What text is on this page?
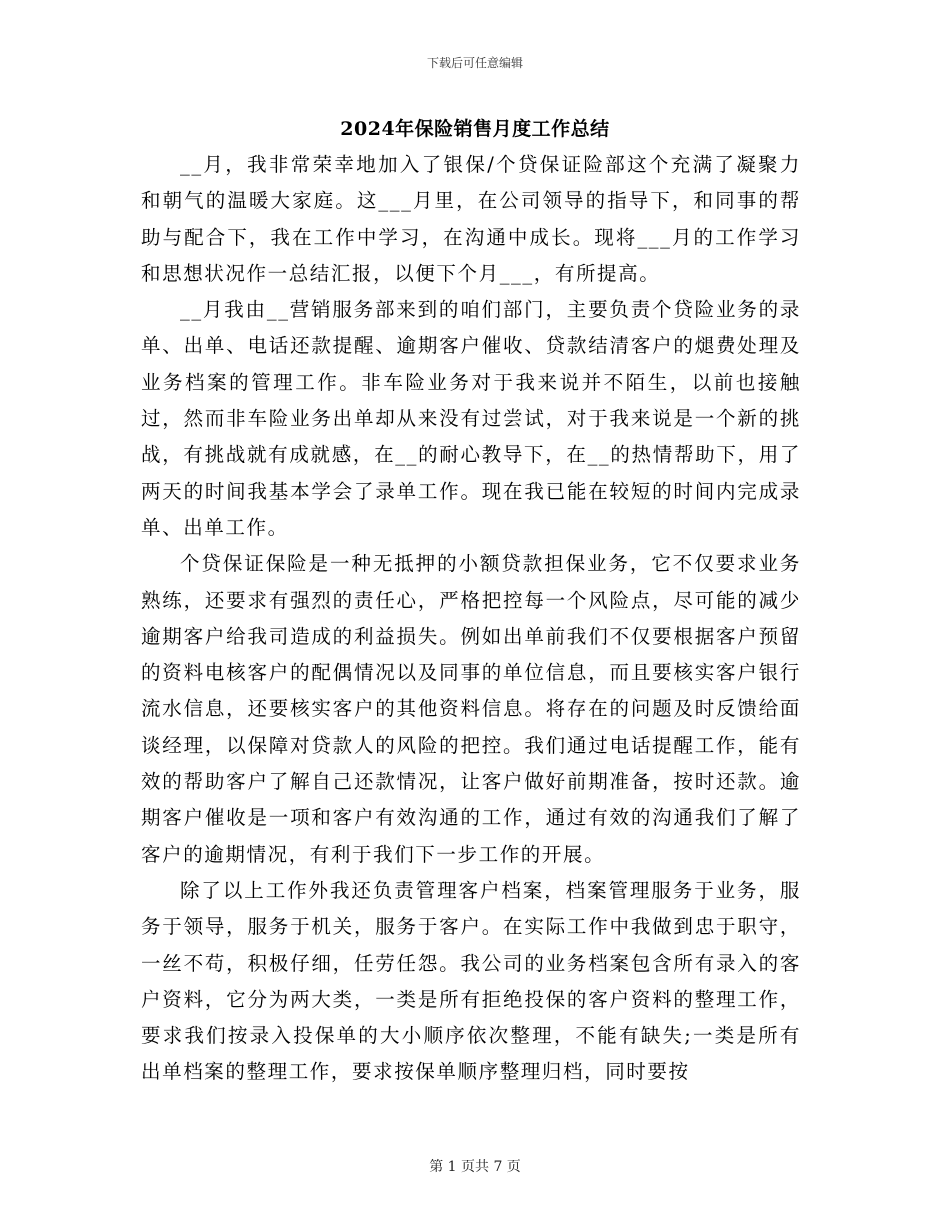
下载后可任意编辑
2024年保险销售月度工作总结

__月，我非常荣幸地加入了银保/个贷保证险部这个充满了凝聚力和朝气的温暖大家庭。这___月里，在公司领导的指导下，和同事的帮助与配合下，我在工作中学习，在沟通中成长。现将___月的工作学习和思想状况作一总结汇报，以便下个月___，有所提高。

__月我由__营销服务部来到的咱们部门，主要负责个贷险业务的录单、出单、电话还款提醒、逾期客户催收、贷款结清客户的煺费处理及业务档案的管理工作。非车险业务对于我来说并不陌生，以前也接触过，然而非车险业务出单却从来没有过尝试，对于我来说是一个新的挑战，有挑战就有成就感，在__的耐心教导下，在__的热情帮助下，用了两天的时间我基本学会了录单工作。现在我已能在较短的时间内完成录单、出单工作。

个贷保证保险是一种无抵押的小额贷款担保业务，它不仅要求业务熟练，还要求有强烈的责任心，严格把控每一个风险点，尽可能的减少逾期客户给我司造成的利益损失。例如出单前我们不仅要根据客户预留的资料电核客户的配偶情况以及同事的单位信息，而且要核实客户银行流水信息，还要核实客户的其他资料信息。将存在的问题及时反馈给面谈经理，以保障对贷款人的风险的把控。我们通过电话提醒工作，能有效的帮助客户了解自己还款情况，让客户做好前期准备，按时还款。逾期客户催收是一项和客户有效沟通的工作，通过有效的沟通我们了解了客户的逾期情况，有利于我们下一步工作的开展。

除了以上工作外我还负责管理客户档案，档案管理服务于业务，服务于领导，服务于机关，服务于客户。在实际工作中我做到忠于职守，一丝不苟，积极仔细，任劳任怨。我公司的业务档案包含所有录入的客户资料，它分为两大类，一类是所有拒绝投保的客户资料的整理工作，要求我们按录入投保单的大小顺序依次整理，不能有缺失;一类是所有出单档案的整理工作，要求按保单顺序整理归档，同时要按

第 1 页共 7 页
